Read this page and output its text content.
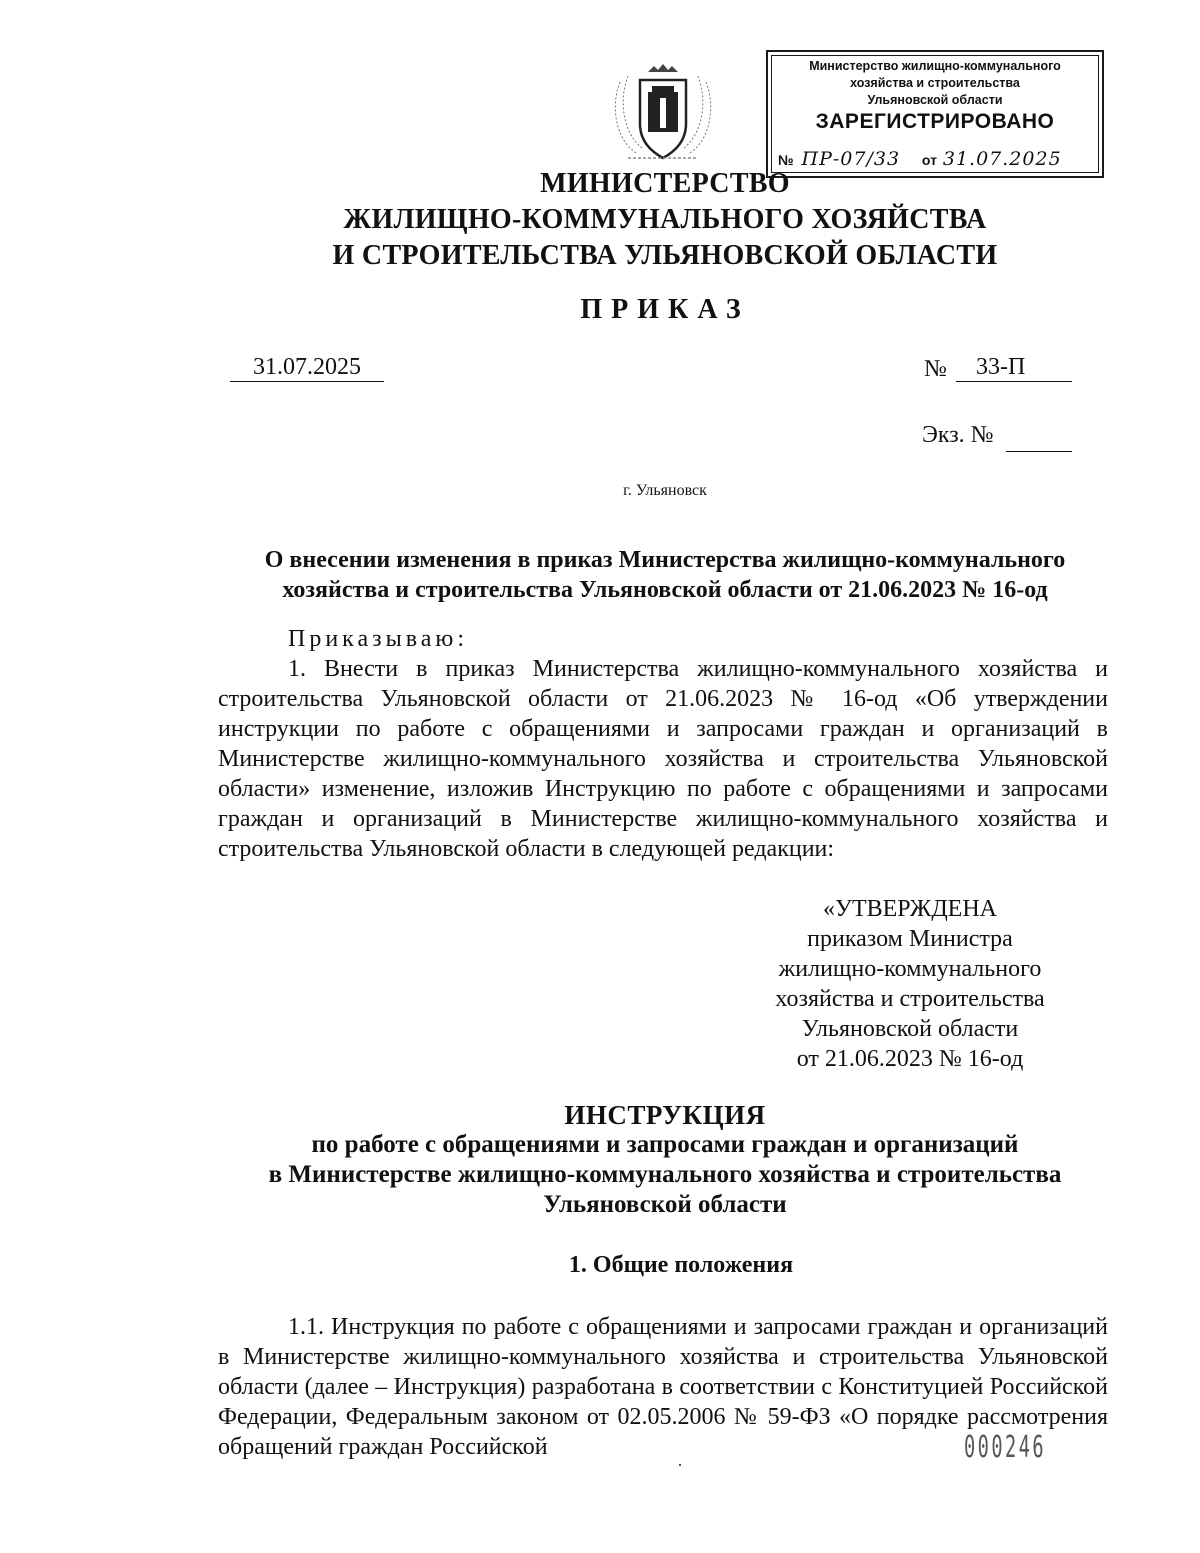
Министерство жилищно-коммунального
хозяйства и строительства
Ульяновской области
ЗАРЕГИСТРИРОВАНО
№ ПР-07/33 от 31.07.2025
МИНИСТЕРСТВО
ЖИЛИЩНО-КОММУНАЛЬНОГО ХОЗЯЙСТВА
И СТРОИТЕЛЬСТВА УЛЬЯНОВСКОЙ ОБЛАСТИ
ПРИКАЗ
31.07.2025	№	33-П
Экз. №
г. Ульяновск
О внесении изменения в приказ Министерства жилищно-коммунального
хозяйства и строительства Ульяновской области от 21.06.2023 № 16-од
Приказываю:
1. Внести в приказ Министерства жилищно-коммунального хозяйства и строительства Ульяновской области от 21.06.2023 № 16-од «Об утверждении инструкции по работе с обращениями и запросами граждан и организаций в Министерстве жилищно-коммунального хозяйства и строительства Ульяновской области» изменение, изложив Инструкцию по работе с обращениями и запросами граждан и организаций в Министерстве жилищно-коммунального хозяйства и строительства Ульяновской области в следующей редакции:
«УТВЕРЖДЕНА
приказом Министра
жилищно-коммунального
хозяйства и строительства
Ульяновской области
от 21.06.2023 № 16-од
ИНСТРУКЦИЯ
по работе с обращениями и запросами граждан и организаций
в Министерстве жилищно-коммунального хозяйства и строительства
Ульяновской области
1. Общие положения
1.1. Инструкция по работе с обращениями и запросами граждан и организаций в Министерстве жилищно-коммунального хозяйства и строительства Ульяновской области (далее – Инструкция) разработана в соответствии с Конституцией Российской Федерации, Федеральным законом от 02.05.2006 № 59-ФЗ «О порядке рассмотрения обращений граждан Российской	000246
